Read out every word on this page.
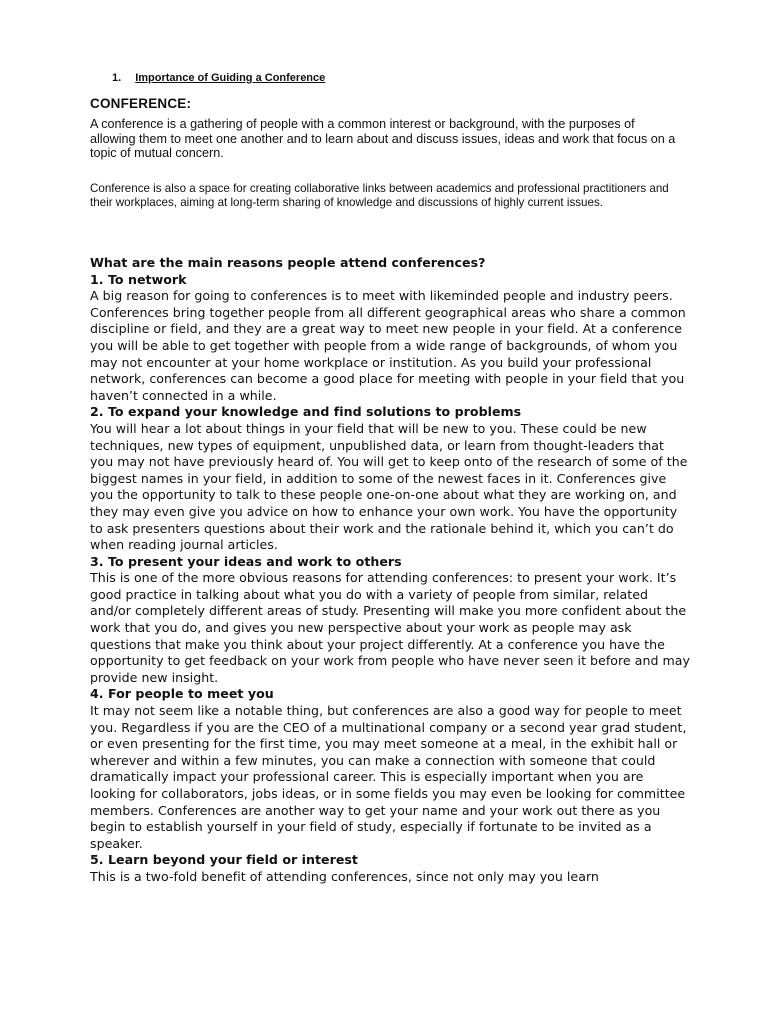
1. Importance of Guiding a Conference
CONFERENCE:

A conference is a gathering of people with a common interest or background, with the purposes of allowing them to meet one another and to learn about and discuss issues, ideas and work that focus on a topic of mutual concern.

Conference is also a space for creating collaborative links between academics and professional practitioners and their workplaces, aiming at long-term sharing of knowledge and discussions of highly current issues.

What are the main reasons people attend conferences?
1. To network
A big reason for going to conferences is to meet with likeminded people and industry peers. Conferences bring together people from all different geographical areas who share a common discipline or field, and they are a great way to meet new people in your field. At a conference you will be able to get together with people from a wide range of backgrounds, of whom you may not encounter at your home workplace or institution. As you build your professional network, conferences can become a good place for meeting with people in your field that you haven’t connected in a while.
2. To expand your knowledge and find solutions to problems
You will hear a lot about things in your field that will be new to you. These could be new techniques, new types of equipment, unpublished data, or learn from thought-leaders that you may not have previously heard of. You will get to keep onto of the research of some of the biggest names in your field, in addition to some of the newest faces in it. Conferences give you the opportunity to talk to these people one-on-one about what they are working on, and they may even give you advice on how to enhance your own work. You have the opportunity to ask presenters questions about their work and the rationale behind it, which you can’t do when reading journal articles.
3. To present your ideas and work to others
This is one of the more obvious reasons for attending conferences: to present your work. It’s good practice in talking about what you do with a variety of people from similar, related and/or completely different areas of study. Presenting will make you more confident about the work that you do, and gives you new perspective about your work as people may ask questions that make you think about your project differently. At a conference you have the opportunity to get feedback on your work from people who have never seen it before and may provide new insight.
4. For people to meet you
It may not seem like a notable thing, but conferences are also a good way for people to meet you. Regardless if you are the CEO of a multinational company or a second year grad student, or even presenting for the first time, you may meet someone at a meal, in the exhibit hall or wherever and within a few minutes, you can make a connection with someone that could dramatically impact your professional career. This is especially important when you are looking for collaborators, jobs ideas, or in some fields you may even be looking for committee members. Conferences are another way to get your name and your work out there as you begin to establish yourself in your field of study, especially if fortunate to be invited as a speaker.
5. Learn beyond your field or interest
This is a two-fold benefit of attending conferences, since not only may you learn
